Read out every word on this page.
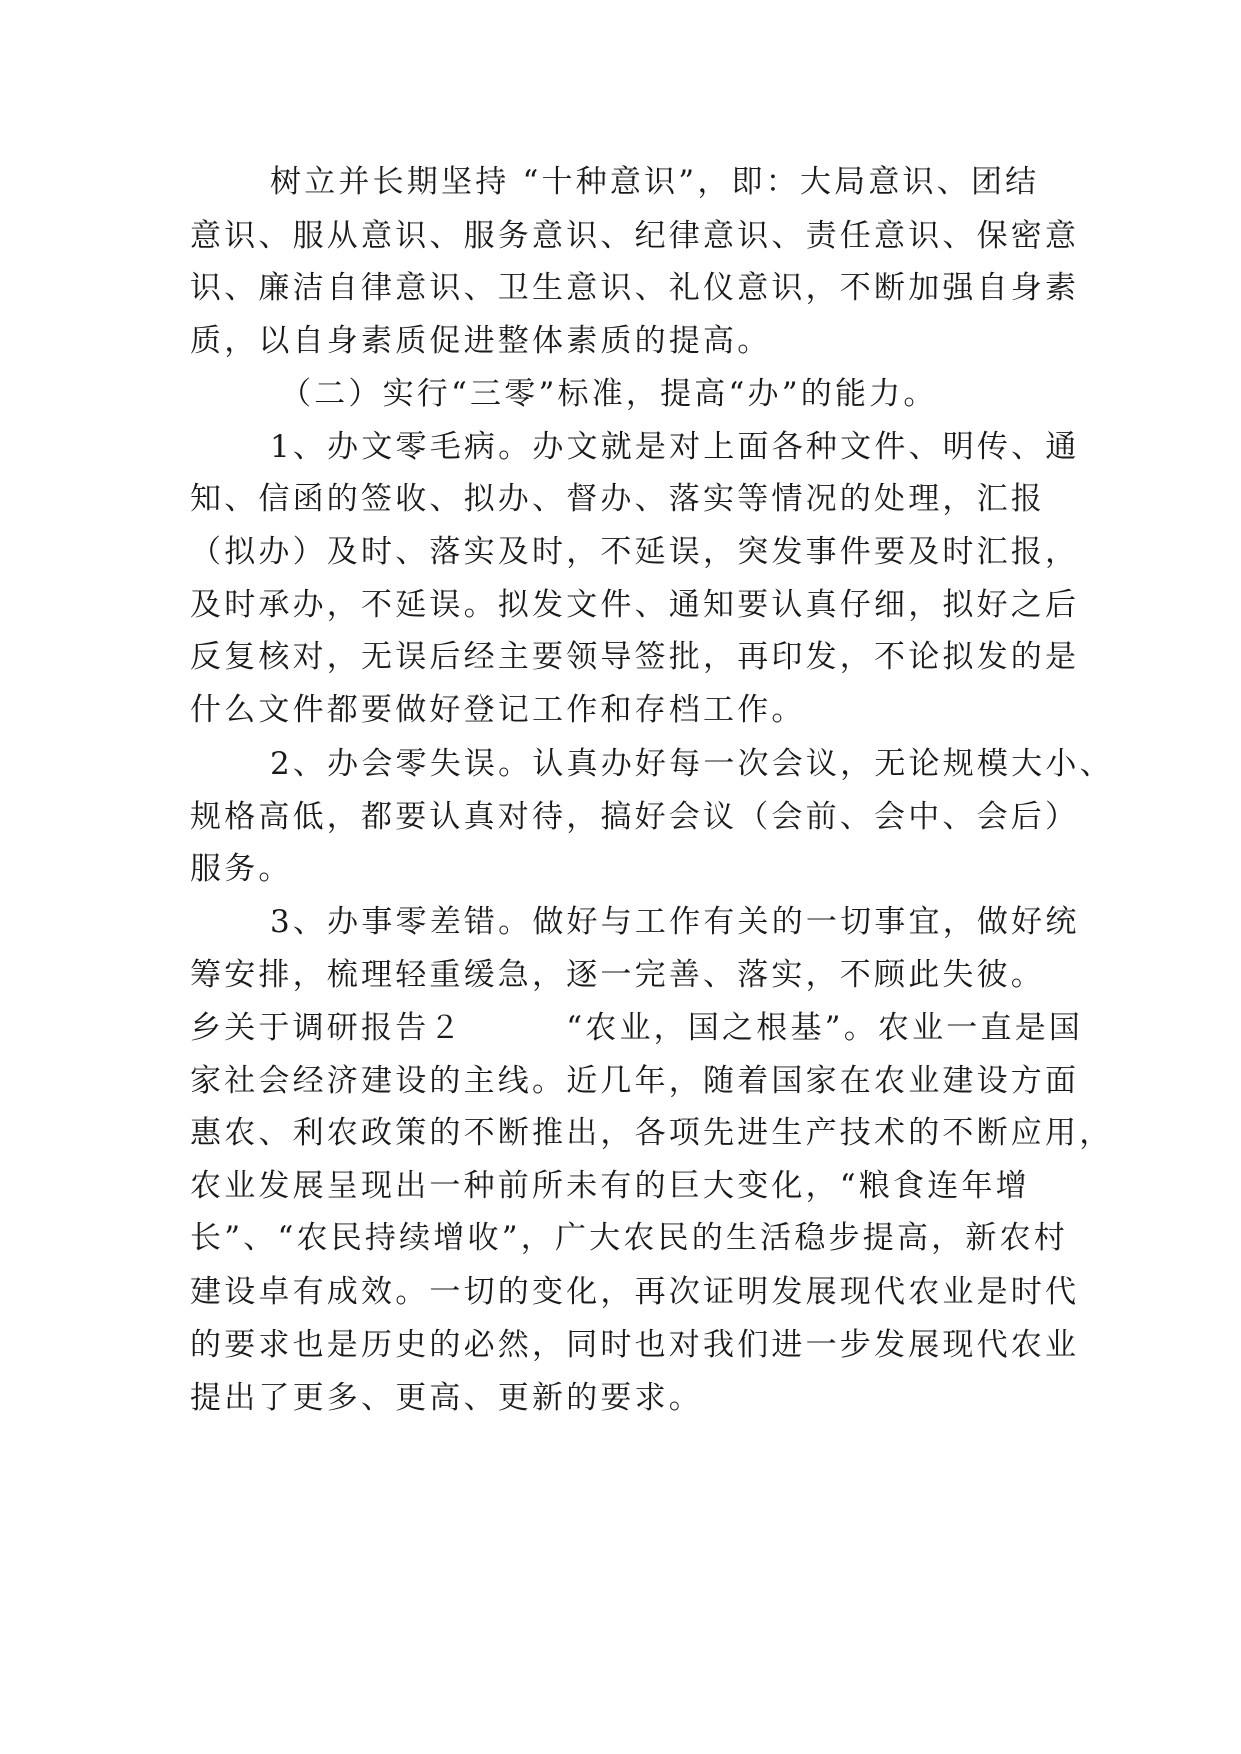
树立并长期坚持 “十种意识”，即：大局意识、团结
意识、服从意识、服务意识、纪律意识、责任意识、保密意
识、廉洁自律意识、卫生意识、礼仪意识，不断加强自身素
质，以自身素质促进整体素质的提高。
（二）实行“三零”标准，提高“办”的能力。
1、办文零毛病。办文就是对上面各种文件、明传、通
知、信函的签收、拟办、督办、落实等情况的处理，汇报
（拟办）及时、落实及时，不延误，突发事件要及时汇报，
及时承办，不延误。拟发文件、通知要认真仔细，拟好之后
反复核对，无误后经主要领导签批，再印发，不论拟发的是
什么文件都要做好登记工作和存档工作。
2、办会零失误。认真办好每一次会议，无论规模大小、
规格高低，都要认真对待，搞好会议（会前、会中、会后）
服务。
3、办事零差错。做好与工作有关的一切事宜，做好统
筹安排，梳理轻重缓急，逐一完善、落实，不顾此失彼。
乡关于调研报告２　　　“农业，国之根基”。农业一直是国
家社会经济建设的主线。近几年，随着国家在农业建设方面
惠农、利农政策的不断推出，各项先进生产技术的不断应用，
农业发展呈现出一种前所未有的巨大变化，“粮食连年增
长”、“农民持续增收”，广大农民的生活稳步提高，新农村
建设卓有成效。一切的变化，再次证明发展现代农业是时代
的要求也是历史的必然，同时也对我们进一步发展现代农业
提出了更多、更高、更新的要求。
